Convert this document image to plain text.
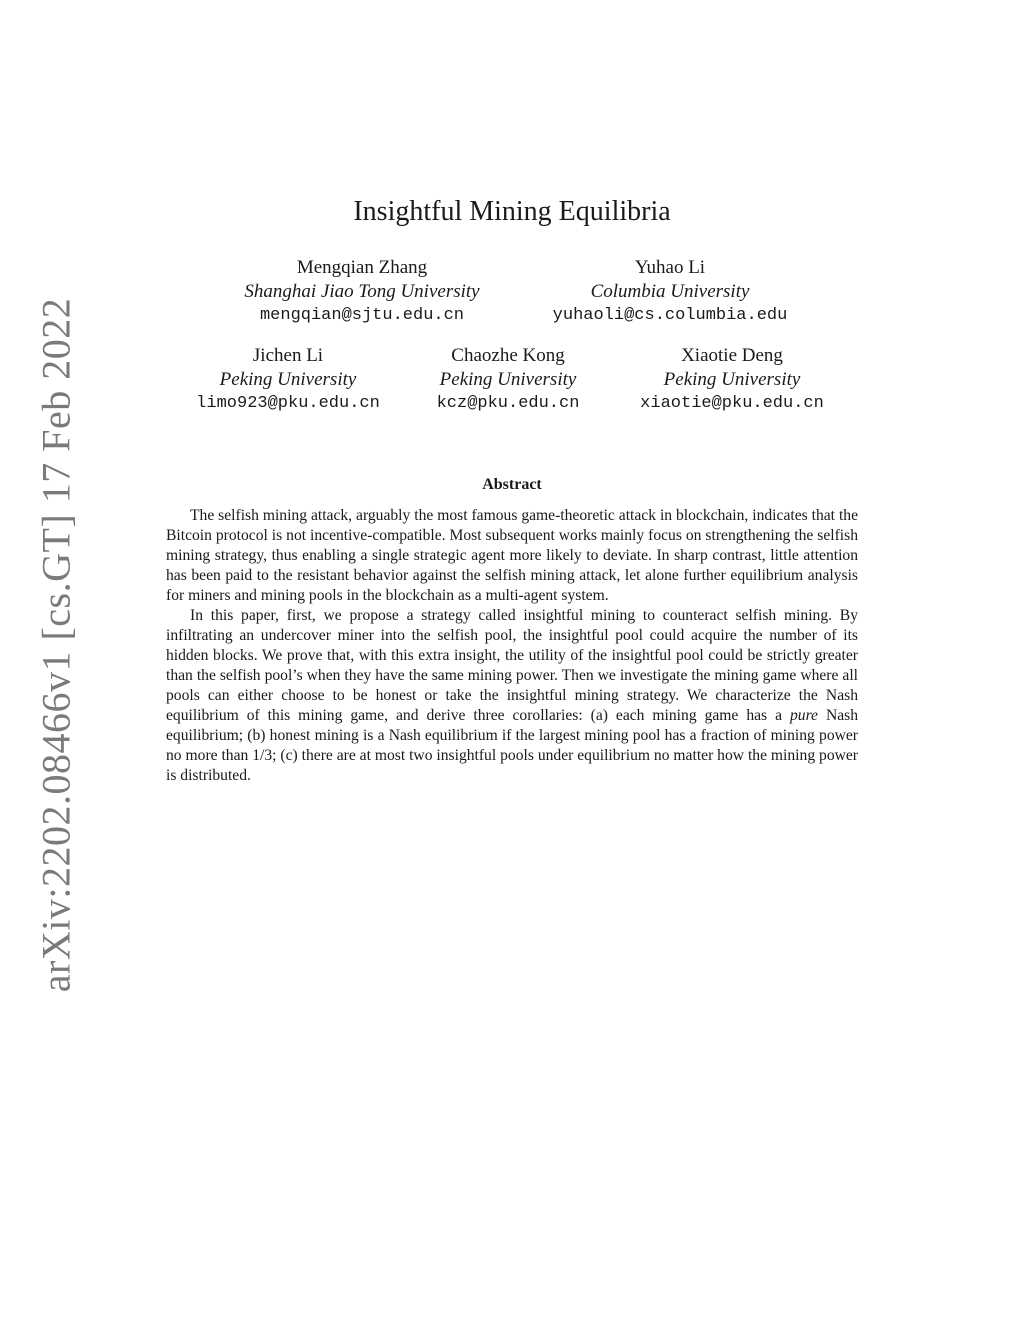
arXiv:2202.08466v1 [cs.GT] 17 Feb 2022
Insightful Mining Equilibria
Mengqian Zhang
Shanghai Jiao Tong University
mengqian@sjtu.edu.cn
Yuhao Li
Columbia University
yuhaoli@cs.columbia.edu
Jichen Li
Peking University
limo923@pku.edu.cn
Chaozhe Kong
Peking University
kcz@pku.edu.cn
Xiaotie Deng
Peking University
xiaotie@pku.edu.cn
Abstract

The selfish mining attack, arguably the most famous game-theoretic attack in blockchain, indicates that the Bitcoin protocol is not incentive-compatible. Most subsequent works mainly focus on strengthening the selfish mining strategy, thus enabling a single strategic agent more likely to deviate. In sharp contrast, little attention has been paid to the resistant behavior against the selfish mining attack, let alone further equilibrium analysis for miners and mining pools in the blockchain as a multi-agent system.

In this paper, first, we propose a strategy called insightful mining to counteract selfish mining. By infiltrating an undercover miner into the selfish pool, the insightful pool could acquire the number of its hidden blocks. We prove that, with this extra insight, the utility of the insightful pool could be strictly greater than the selfish pool’s when they have the same mining power. Then we investigate the mining game where all pools can either choose to be honest or take the insightful mining strategy. We characterize the Nash equilibrium of this mining game, and derive three corollaries: (a) each mining game has a pure Nash equilibrium; (b) honest mining is a Nash equilibrium if the largest mining pool has a fraction of mining power no more than 1/3; (c) there are at most two insightful pools under equilibrium no matter how the mining power is distributed.
